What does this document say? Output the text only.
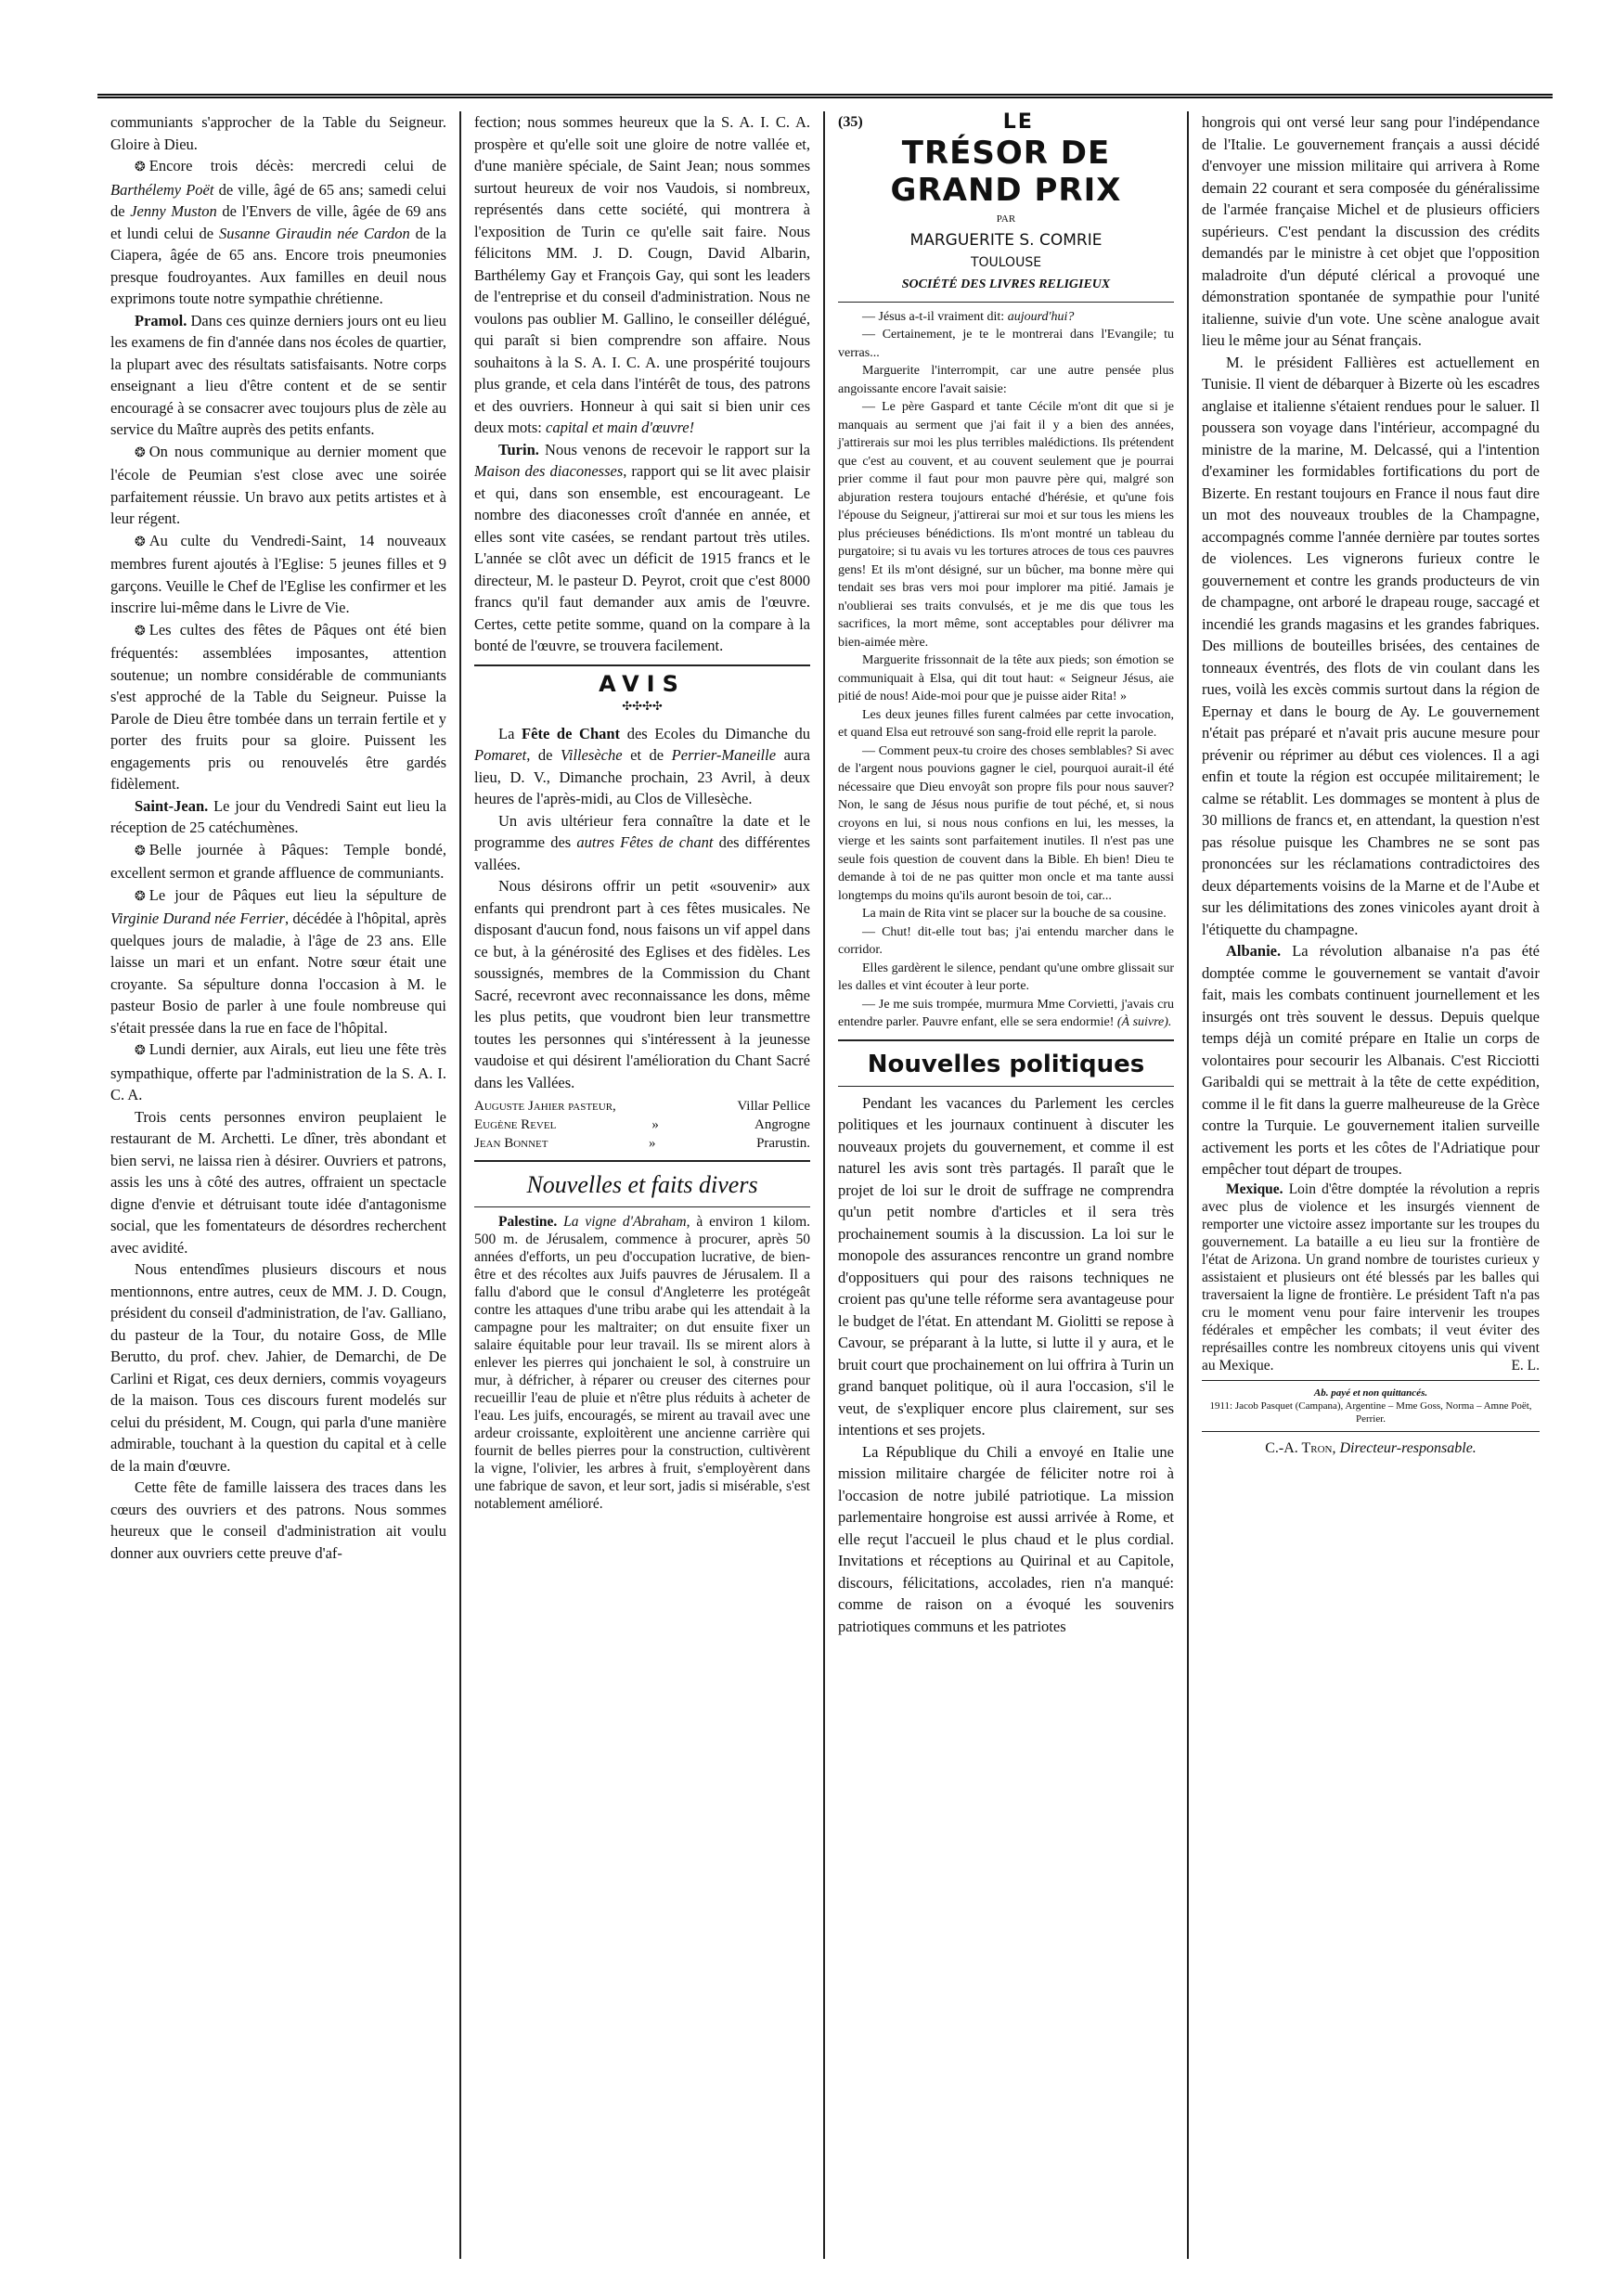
communiants s'approcher de la Table du Seigneur. Gloire à Dieu.

❂ Encore trois décès: mercredi celui de Barthélemy Poët de ville, âgé de 65 ans; samedi celui de Jenny Muston de l'Envers de ville, âgée de 69 ans et lundi celui de Susanne Giraudin née Cardon de la Ciapera, âgée de 65 ans. Encore trois pneumonies presque foudroyantes. Aux familles en deuil nous exprimons toute notre sympathie chrétienne.

Pramol. Dans ces quinze derniers jours ont eu lieu les examens de fin d'année dans nos écoles de quartier, la plupart avec des résultats satisfaisants. Notre corps enseignant a lieu d'être content et de se sentir encouragé à se consacrer avec toujours plus de zèle au service du Maître auprès des petits enfants.

❂ On nous communique au dernier moment que l'école de Peumian s'est close avec une soirée parfaitement réussie. Un bravo aux petits artistes et à leur régent.

❂ Au culte du Vendredi-Saint, 14 nouveaux membres furent ajoutés à l'Eglise: 5 jeunes filles et 9 garçons. Veuille le Chef de l'Eglise les confirmer et les inscrire lui-même dans le Livre de Vie.

❂ Les cultes des fêtes de Pâques ont été bien fréquentés: assemblées imposantes, attention soutenue; un nombre considérable de communiants s'est approché de la Table du Seigneur. Puisse la Parole de Dieu être tombée dans un terrain fertile et y porter des fruits pour sa gloire. Puissent les engagements pris ou renouvelés être gardés fidèlement.

Saint-Jean. Le jour du Vendredi Saint eut lieu la réception de 25 catéchumènes.

❂ Belle journée à Pâques: Temple bondé, excellent sermon et grande affluence de communiants.

❂ Le jour de Pâques eut lieu la sépulture de Virginie Durand née Ferrier, décédée à l'hôpital, après quelques jours de maladie, à l'âge de 23 ans. Elle laisse un mari et un enfant. Notre sœur était une croyante. Sa sépulture donna l'occasion à M. le pasteur Bosio de parler à une foule nombreuse qui s'était pressée dans la rue en face de l'hôpital.

❂ Lundi dernier, aux Airals, eut lieu une fête très sympathique, offerte par l'administration de la S. A. I. C. A.

Trois cents personnes environ peuplaient le restaurant de M. Archetti. Le dîner, très abondant et bien servi, ne laissa rien à désirer. Ouvriers et patrons, assis les uns à côté des autres, offraient un spectacle digne d'envie et détruisant toute idée d'antagonisme social, que les fomentateurs de désordres recherchent avec avidité.

Nous entendîmes plusieurs discours et nous mentionnons, entre autres, ceux de MM. J. D. Cougn, président du conseil d'administration, de l'av. Galliano, du pasteur de la Tour, du notaire Goss, de Mlle Berutto, du prof. chev. Jahier, de Demarchi, de De Carlini et Rigat, ces deux derniers, commis voyageurs de la maison. Tous ces discours furent modelés sur celui du président, M. Cougn, qui parla d'une manière admirable, touchant à la question du capital et à celle de la main d'œuvre.

Cette fête de famille laissera des traces dans les cœurs des ouvriers et des patrons. Nous sommes heureux que le conseil d'administration ait voulu donner aux ouvriers cette preuve d'af-

fection; nous sommes heureux que la S. A. I. C. A. prospère et qu'elle soit une gloire de notre vallée et, d'une manière spéciale, de Saint Jean; nous sommes surtout heureux de voir nos Vaudois, si nombreux, représentés dans cette société, qui montrera à l'exposition de Turin ce qu'elle sait faire. Nous félicitons MM. J. D. Cougn, David Albarin, Barthélemy Gay et François Gay, qui sont les leaders de l'entreprise et du conseil d'administration. Nous ne voulons pas oublier M. Gallino, le conseiller délégué, qui paraît si bien comprendre son affaire. Nous souhaitons à la S. A. I. C. A. une prospérité toujours plus grande, et cela dans l'intérêt de tous, des patrons et des ouvriers. Honneur à qui sait si bien unir ces deux mots: capital et main d'œuvre!

Turin. Nous venons de recevoir le rapport sur la Maison des diaconesses, rapport qui se lit avec plaisir et qui, dans son ensemble, est encourageant. Le nombre des diaconesses croît d'année en année, et elles sont vite casées, se rendant partout très utiles. L'année se clôt avec un déficit de 1915 francs et le directeur, M. le pasteur D. Peyrot, croit que c'est 8000 francs qu'il faut demander aux amis de l'œuvre. Certes, cette petite somme, quand on la compare à la bonté de l'œuvre, se trouvera facilement.

AVIS
✣✣✣✣

La Fête de Chant des Ecoles du Dimanche du Pomaret, de Villesèche et de Perrier-Maneille aura lieu, D. V., Dimanche prochain, 23 Avril, à deux heures de l'après-midi, au Clos de Villesèche.

Un avis ultérieur fera connaître la date et le programme des autres Fêtes de chant des différentes vallées.

Nous désirons offrir un petit «souvenir» aux enfants qui prendront part à ces fêtes musicales. Ne disposant d'aucun fond, nous faisons un vif appel dans ce but, à la générosité des Eglises et des fidèles. Les soussignés, membres de la Commission du Chant Sacré, recevront avec reconnaissance les dons, même les plus petits, que voudront bien leur transmettre toutes les personnes qui s'intéressent à la jeunesse vaudoise et qui désirent l'amélioration du Chant Sacré dans les Vallées.

Auguste Jahier pasteur,	Villar Pellice
Eugène Revel	»	Angrogne
Jean Bonnet	»	Prarustin.
Nouvelles et faits divers

Palestine. La vigne d'Abraham, à environ 1 kilom. 500 m. de Jérusalem, commence à procurer, après 50 années d'efforts, un peu d'occupation lucrative, de bien-être et des récoltes aux Juifs pauvres de Jérusalem. Il a fallu d'abord que le consul d'Angleterre les protégeât contre les attaques d'une tribu arabe qui les attendait à la campagne pour les maltraiter; on dut ensuite fixer un salaire équitable pour leur travail. Ils se mirent alors à enlever les pierres qui jonchaient le sol, à construire un mur, à défricher, à réparer ou creuser des citernes pour recueillir l'eau de pluie et n'être plus réduits à acheter de l'eau. Les juifs, encouragés, se mirent au travail avec une ardeur croissante, exploitèrent une ancienne carrière qui fournit de belles pierres pour la construction, cultivèrent la vigne, l'olivier, les arbres à fruit, s'employèrent dans une fabrique de savon, et leur sort, jadis si misérable, s'est notablement amélioré.

(35)	LE
TRÉSOR DE GRAND PRIX
PAR
MARGUERITE S. COMRIE
TOULOUSE
SOCIÉTÉ DES LIVRES RELIGIEUX

— Jésus a-t-il vraiment dit: aujourd'hui?

— Certainement, je te le montrerai dans l'Evangile; tu verras...

Marguerite l'interrompit, car une autre pensée plus angoissante encore l'avait saisie:

— Le père Gaspard et tante Cécile m'ont dit que si je manquais au serment que j'ai fait il y a bien des années, j'attirerais sur moi les plus terribles malédictions. Ils prétendent que c'est au couvent, et au couvent seulement que je pourrai prier comme il faut pour mon pauvre père qui, malgré son abjuration restera toujours entaché d'hérésie, et qu'une fois l'épouse du Seigneur, j'attirerai sur moi et sur tous les miens les plus précieuses bénédictions. Ils m'ont montré un tableau du purgatoire; si tu avais vu les tortures atroces de tous ces pauvres gens! Et ils m'ont désigné, sur un bûcher, ma bonne mère qui tendait ses bras vers moi pour implorer ma pitié. Jamais je n'oublierai ses traits convulsés, et je me dis que tous les sacrifices, la mort même, sont acceptables pour délivrer ma bien-aimée mère.

Marguerite frissonnait de la tête aux pieds; son émotion se communiquait à Elsa, qui dit tout haut: « Seigneur Jésus, aie pitié de nous! Aide-moi pour que je puisse aider Rita! »

Les deux jeunes filles furent calmées par cette invocation, et quand Elsa eut retrouvé son sang-froid elle reprit la parole.

— Comment peux-tu croire des choses semblables? Si avec de l'argent nous pouvions gagner le ciel, pourquoi aurait-il été nécessaire que Dieu envoyât son propre fils pour nous sauver? Non, le sang de Jésus nous purifie de tout péché, et, si nous croyons en lui, si nous nous confions en lui, les messes, la vierge et les saints sont parfaitement inutiles. Il n'est pas une seule fois question de couvent dans la Bible. Eh bien! Dieu te demande à toi de ne pas quitter mon oncle et ma tante aussi longtemps du moins qu'ils auront besoin de toi, car...

La main de Rita vint se placer sur la bouche de sa cousine.

— Chut! dit-elle tout bas; j'ai entendu marcher dans le corridor.

Elles gardèrent le silence, pendant qu'une ombre glissait sur les dalles et vint écouter à leur porte.

— Je me suis trompée, murmura Mme Corvietti, j'avais cru entendre parler. Pauvre enfant, elle se sera endormie! (À suivre).

Nouvelles politiques

Pendant les vacances du Parlement les cercles politiques et les journaux continuent à discuter les nouveaux projets du gouvernement, et comme il est naturel les avis sont très partagés. Il paraît que le projet de loi sur le droit de suffrage ne comprendra qu'un petit nombre d'articles et il sera très prochainement soumis à la discussion. La loi sur le monopole des assurances rencontre un grand nombre d'opposituers qui pour des raisons techniques ne croient pas qu'une telle réforme sera avantageuse pour le budget de l'état. En attendant M. Giolitti se repose à Cavour, se préparant à la lutte, si lutte il y aura, et le bruit court que prochainement on lui offrira à Turin un grand banquet politique, où il aura l'occasion, s'il le veut, de s'expliquer encore plus clairement, sur ses intentions et ses projets.

La République du Chili a envoyé en Italie une mission militaire chargée de féliciter notre roi à l'occasion de notre jubilé patriotique. La mission parlementaire hongroise est aussi arrivée à Rome, et elle reçut l'accueil le plus chaud et le plus cordial. Invitations et réceptions au Quirinal et au Capitole, discours, félicitations, accolades, rien n'a manqué: comme de raison on a évoqué les souvenirs patriotiques communs et les patriotes

hongrois qui ont versé leur sang pour l'indépendance de l'Italie. Le gouvernement français a aussi décidé d'envoyer une mission militaire qui arrivera à Rome demain 22 courant et sera composée du généralissime de l'armée française Michel et de plusieurs officiers supérieurs. C'est pendant la discussion des crédits demandés par le ministre à cet objet que l'opposition maladroite d'un député clérical a provoqué une démonstration spontanée de sympathie pour l'unité italienne, suivie d'un vote. Une scène analogue avait lieu le même jour au Sénat français.

M. le président Fallières est actuellement en Tunisie. Il vient de débarquer à Bizerte où les escadres anglaise et italienne s'étaient rendues pour le saluer. Il poussera son voyage dans l'intérieur, accompagné du ministre de la marine, M. Delcassé, qui a l'intention d'examiner les formidables fortifications du port de Bizerte. En restant toujours en France il nous faut dire un mot des nouveaux troubles de la Champagne, accompagnés comme l'année dernière par toutes sortes de violences. Les vignerons furieux contre le gouvernement et contre les grands producteurs de vin de champagne, ont arboré le drapeau rouge, saccagé et incendié les grands magasins et les grandes fabriques. Des millions de bouteilles brisées, des centaines de tonneaux éventrés, des flots de vin coulant dans les rues, voilà les excès commis surtout dans la région de Epernay et dans le bourg de Ay. Le gouvernement n'était pas préparé et n'avait pris aucune mesure pour prévenir ou réprimer au début ces violences. Il a agi enfin et toute la région est occupée militairement; le calme se rétablit. Les dommages se montent à plus de 30 millions de francs et, en attendant, la question n'est pas résolue puisque les Chambres ne se sont pas prononcées sur les réclamations contradictoires des deux départements voisins de la Marne et de l'Aube et sur les délimitations des zones vinicoles ayant droit à l'étiquette du champagne.

Albanie. La révolution albanaise n'a pas été domptée comme le gouvernement se vantait d'avoir fait, mais les combats continuent journellement et les insurgés ont très souvent le dessus. Depuis quelque temps déjà un comité prépare en Italie un corps de volontaires pour secourir les Albanais. C'est Ricciotti Garibaldi qui se mettrait à la tête de cette expédition, comme il le fit dans la guerre malheureuse de la Grèce contre la Turquie. Le gouvernement italien surveille activement les ports et les côtes de l'Adriatique pour empêcher tout départ de troupes.

Mexique. Loin d'être domptée la révolution a repris avec plus de violence et les insurgés viennent de remporter une victoire assez importante sur les troupes du gouvernement. La bataille a eu lieu sur la frontière de l'état de Arizona. Un grand nombre de touristes curieux y assistaient et plusieurs ont été blessés par les balles qui traversaient la ligne de frontière. Le président Taft n'a pas cru le moment venu pour faire intervenir les troupes fédérales et empêcher les combats; il veut éviter des représailles contre les nombreux citoyens unis qui vivent au Mexique.	E. L.

Ab. payé et non quittancés.
1911: Jacob Pasquet (Campana), Argentine – Mme Goss, Norma – Amne Poët, Perrier.
C.-A. Tron, Directeur-responsable.
